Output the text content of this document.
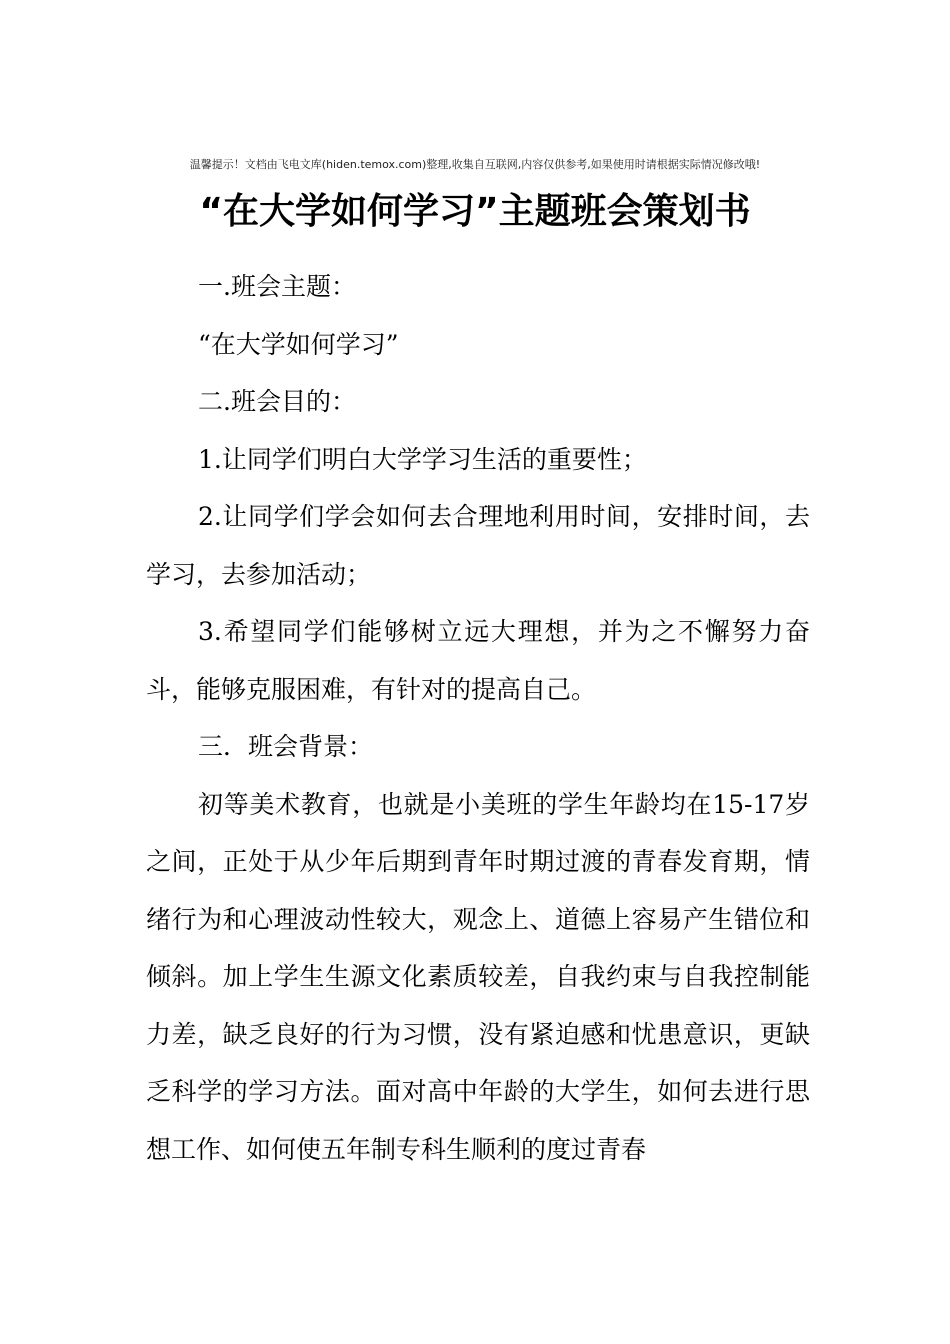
温馨提示！文档由飞电文库(hiden.temox.com)整理,收集自互联网,内容仅供参考,如果使用时请根据实际情况修改哦!
“在大学如何学习”主题班会策划书

一.班会主题：

“在大学如何学习”

二.班会目的：

1.让同学们明白大学学习生活的重要性；

2.让同学们学会如何去合理地利用时间，安排时间，去学习，去参加活动；

3.希望同学们能够树立远大理想，并为之不懈努力奋斗，能够克服困难，有针对的提高自己。

三．班会背景：

初等美术教育，也就是小美班的学生年龄均在15-17岁之间，正处于从少年后期到青年时期过渡的青春发育期，情绪行为和心理波动性较大，观念上、道德上容易产生错位和倾斜。加上学生生源文化素质较差，自我约束与自我控制能力差，缺乏良好的行为习惯，没有紧迫感和忧患意识，更缺乏科学的学习方法。面对高中年龄的大学生，如何去进行思想工作、如何使五年制专科生顺利的度过青春
